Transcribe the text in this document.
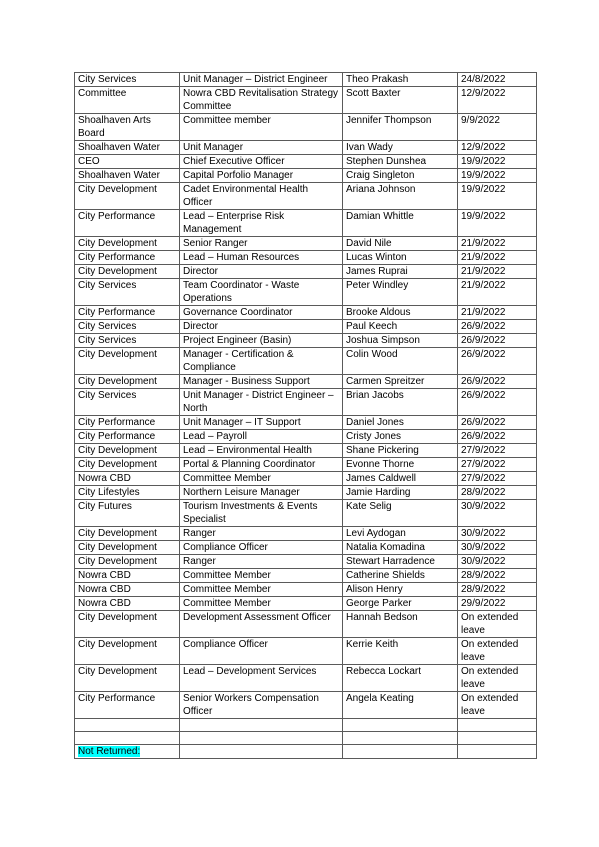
City Services	Unit Manager – District Engineer	Theo Prakash	24/8/2022
Committee	Nowra CBD Revitalisation Strategy Committee	Scott Baxter	12/9/2022
Shoalhaven Arts Board	Committee member	Jennifer Thompson	9/9/2022
Shoalhaven Water	Unit Manager	Ivan Wady	12/9/2022
CEO	Chief Executive Officer	Stephen Dunshea	19/9/2022
Shoalhaven Water	Capital Porfolio Manager	Craig Singleton	19/9/2022
City Development	Cadet Environmental Health Officer	Ariana Johnson	19/9/2022
City Performance	Lead – Enterprise Risk Management	Damian Whittle	19/9/2022
City Development	Senior Ranger	David Nile	21/9/2022
City Performance	Lead – Human Resources	Lucas Winton	21/9/2022
City Development	Director	James Ruprai	21/9/2022
City Services	Team Coordinator - Waste Operations	Peter Windley	21/9/2022
City Performance	Governance Coordinator	Brooke Aldous	21/9/2022
City Services	Director	Paul Keech	26/9/2022
City Services	Project Engineer (Basin)	Joshua Simpson	26/9/2022
City Development	Manager - Certification & Compliance	Colin Wood	26/9/2022
City Development	Manager - Business Support	Carmen Spreitzer	26/9/2022
City Services	Unit Manager - District Engineer – North	Brian Jacobs	26/9/2022
City Performance	Unit Manager – IT Support	Daniel Jones	26/9/2022
City Performance	Lead – Payroll	Cristy Jones	26/9/2022
City Development	Lead – Environmental Health	Shane Pickering	27/9/2022
City Development	Portal & Planning Coordinator	Evonne Thorne	27/9/2022
Nowra CBD	Committee Member	James Caldwell	27/9/2022
City Lifestyles	Northern Leisure Manager	Jamie Harding	28/9/2022
City Futures	Tourism Investments & Events Specialist	Kate Selig	30/9/2022
City Development	Ranger	Levi Aydogan	30/9/2022
City Development	Compliance Officer	Natalia Komadina	30/9/2022
City Development	Ranger	Stewart Harradence	30/9/2022
Nowra CBD	Committee Member	Catherine Shields	28/9/2022
Nowra CBD	Committee Member	Alison Henry	28/9/2022
Nowra CBD	Committee Member	George Parker	29/9/2022
City Development	Development Assessment Officer	Hannah Bedson	On extended leave
City Development	Compliance Officer	Kerrie Keith	On extended leave
City Development	Lead – Development Services	Rebecca Lockart	On extended leave
City Performance	Senior Workers Compensation Officer	Angela Keating	On extended leave

Not Returned:			
